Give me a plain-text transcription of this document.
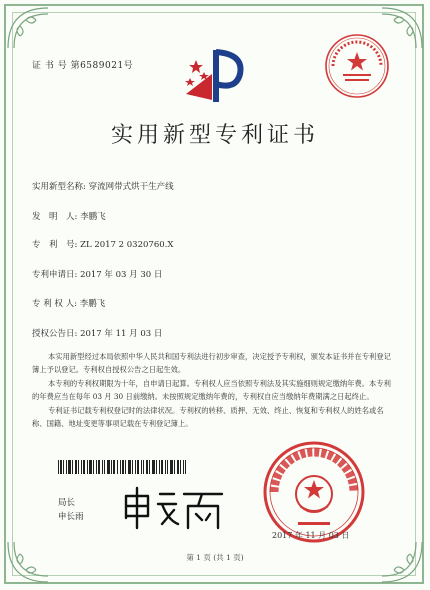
证 书 号 第6589021号
实用新型专利证书
实用新型名称: 穿流网带式烘干生产线
发　明　人: 李鹏飞
专　利　号: ZL 2017 2 0320760.X
专利申请日: 2017 年 03 月 30 日
专 利 权 人: 李鹏飞
授权公告日: 2017 年 11 月 03 日

本实用新型经过本局依照中华人民共和国专利法进行初步审查，决定授予专利权，颁发本证书并在专利登记簿上予以登记。专利权自授权公告之日起生效。

本专利的专利权期限为十年，自申请日起算。专利权人应当依照专利法及其实施细则规定缴纳年费。本专利的年费应当在每年 03 月 30 日前缴纳。未按照规定缴纳年费的，专利权自应当缴纳年费期满之日起终止。

专利证书记载专利权登记时的法律状况。专利权的转移、质押、无效、终止、恢复和专利权人的姓名或名称、国籍、地址变更等事项记载在专利登记簿上。

局长
申长雨
2017 年 11 月 03 日
第 1 页 (共 1 页)
